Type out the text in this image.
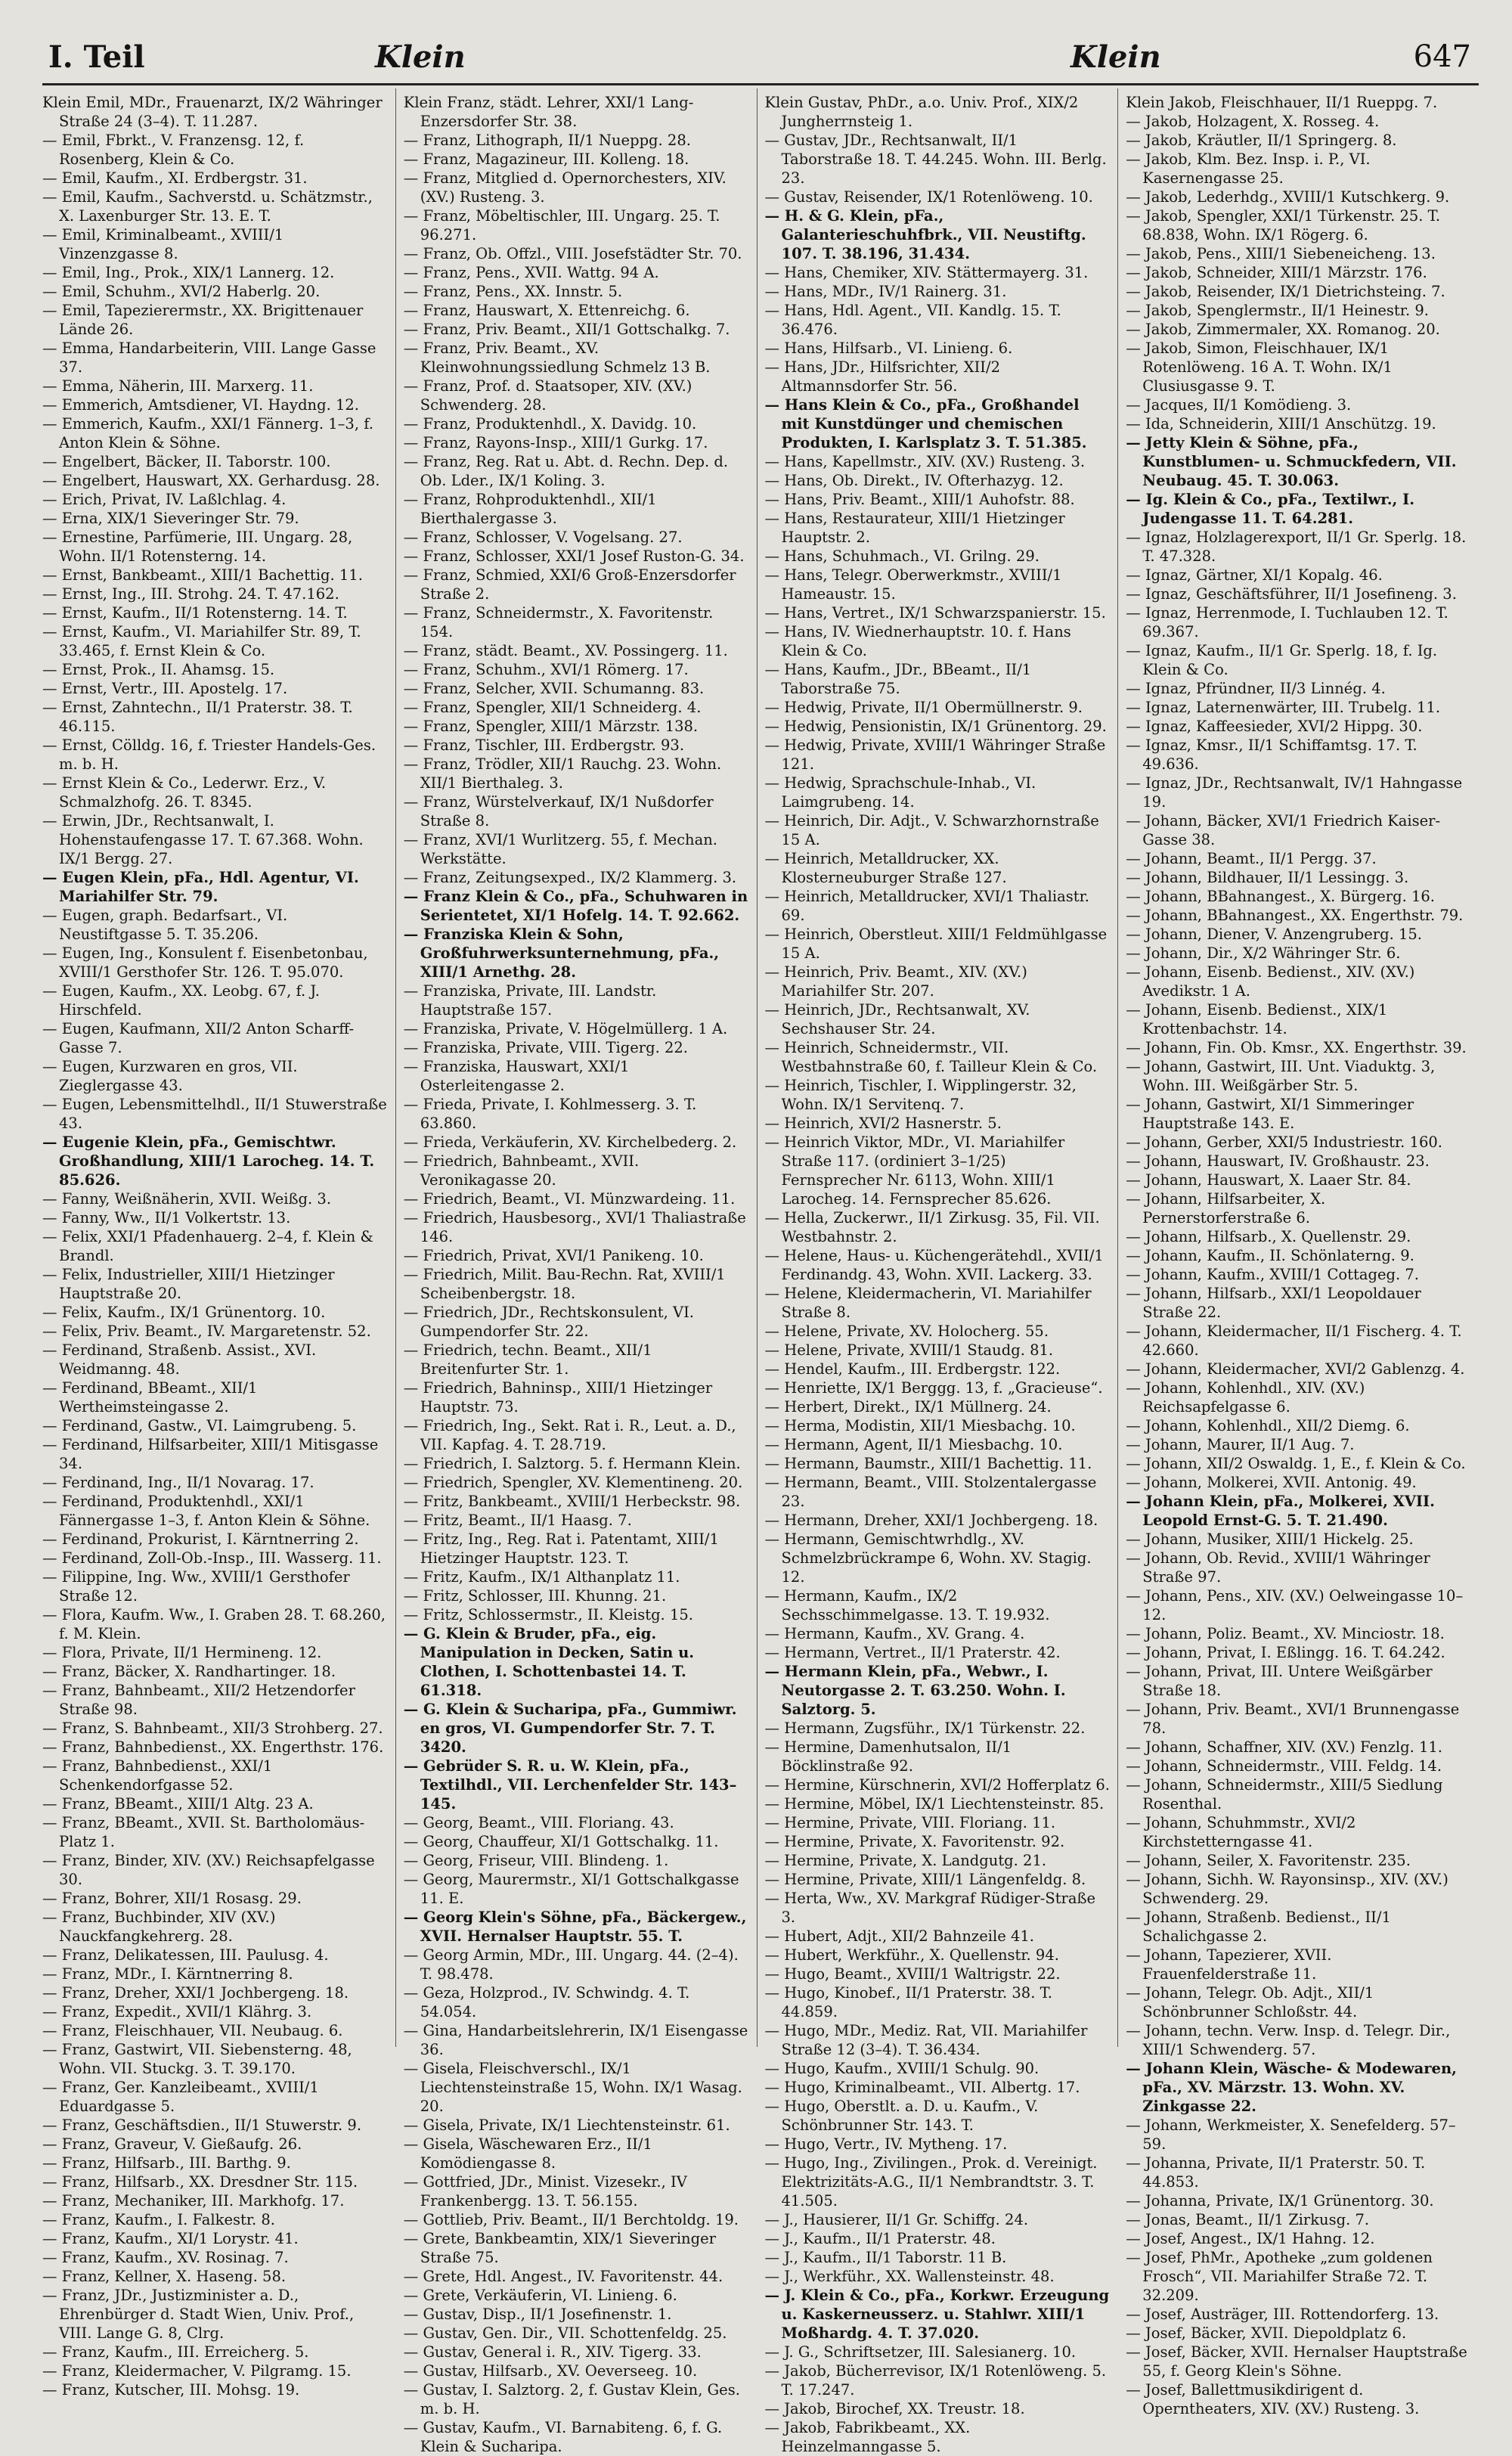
I. Teil	Klein	Klein	647
Klein Emil, MDr., Frauenarzt, IX/2 Währinger Straße 24 (3–4). T. 11.287.
— Emil, Fbrkt., V. Franzensg. 12, f. Rosenberg, Klein & Co.
— Emil, Kaufm., XI. Erdbergstr. 31.
— Emil, Kaufm., Sachverstd. u. Schätzmstr., X. Laxenburger Str. 13. E. T.
— Emil, Kriminalbeamt., XVIII/1 Vinzenzgasse 8.
— Emil, Ing., Prok., XIX/1 Lannerg. 12.
— Emil, Schuhm., XVI/2 Haberlg. 20.
— Emil, Tapezierermstr., XX. Brigittenauer Lände 26.
— Emma, Handarbeiterin, VIII. Lange Gasse 37.
— Emma, Näherin, III. Marxerg. 11.
— Emmerich, Amtsdiener, VI. Haydng. 12.
— Emmerich, Kaufm., XXI/1 Fännerg. 1–3, f. Anton Klein & Söhne.
— Engelbert, Bäcker, II. Taborstr. 100.
— Engelbert, Hauswart, XX. Gerhardusg. 28.
— Erich, Privat, IV. Laßlchlag. 4.
— Erna, XIX/1 Sieveringer Str. 79.
— Ernestine, Parfümerie, III. Ungarg. 28, Wohn. II/1 Rotensterng. 14.
— Ernst, Bankbeamt., XIII/1 Bachettig. 11.
— Ernst, Ing., III. Strohg. 24. T. 47.162.
— Ernst, Kaufm., II/1 Rotensterng. 14. T.
— Ernst, Kaufm., VI. Mariahilfer Str. 89, T. 33.465, f. Ernst Klein & Co.
— Ernst, Prok., II. Ahamsg. 15.
— Ernst, Vertr., III. Apostelg. 17.
— Ernst, Zahntechn., II/1 Praterstr. 38. T. 46.115.
— Ernst, Cölldg. 16, f. Triester Handels-Ges. m. b. H.
— Ernst Klein & Co., Lederwr. Erz., V. Schmalzhofg. 26. T. 8345.
— Erwin, JDr., Rechtsanwalt, I. Hohenstaufengasse 17. T. 67.368. Wohn. IX/1 Bergg. 27.
— Eugen Klein, pFa., Hdl. Agentur, VI. Mariahilfer Str. 79.
— Eugen, graph. Bedarfsart., VI. Neustiftgasse 5. T. 35.206.
— Eugen, Ing., Konsulent f. Eisenbetonbau, XVIII/1 Gersthofer Str. 126. T. 95.070.
— Eugen, Kaufm., XX. Leobg. 67, f. J. Hirschfeld.
— Eugen, Kaufmann, XII/2 Anton Scharff-Gasse 7.
— Eugen, Kurzwaren en gros, VII. Zieglergasse 43.
— Eugen, Lebensmittelhdl., II/1 Stuwerstraße 43.
— Eugenie Klein, pFa., Gemischtwr. Großhandlung, XIII/1 Larocheg. 14. T. 85.626.
— Fanny, Weißnäherin, XVII. Weißg. 3.
— Fanny, Ww., II/1 Volkertstr. 13.
— Felix, XXI/1 Pfadenhauerg. 2–4, f. Klein & Brandl.
— Felix, Industrieller, XIII/1 Hietzinger Hauptstraße 20.
— Felix, Kaufm., IX/1 Grünentorg. 10.
— Felix, Priv. Beamt., IV. Margaretenstr. 52.
— Ferdinand, Straßenb. Assist., XVI. Weidmanng. 48.
— Ferdinand, BBeamt., XII/1 Wertheimsteingasse 2.
— Ferdinand, Gastw., VI. Laimgrubeng. 5.
— Ferdinand, Hilfsarbeiter, XIII/1 Mitisgasse 34.
— Ferdinand, Ing., II/1 Novarag. 17.
— Ferdinand, Produktenhdl., XXI/1 Fännergasse 1–3, f. Anton Klein & Söhne.
— Ferdinand, Prokurist, I. Kärntnerring 2.
— Ferdinand, Zoll-Ob.-Insp., III. Wasserg. 11.
— Filippine, Ing. Ww., XVIII/1 Gersthofer Straße 12.
— Flora, Kaufm. Ww., I. Graben 28. T. 68.260, f. M. Klein.
— Flora, Private, II/1 Hermineng. 12.
— Franz, Bäcker, X. Randhartinger. 18.
— Franz, Bahnbeamt., XII/2 Hetzendorfer Straße 98.
— Franz, S. Bahnbeamt., XII/3 Strohberg. 27.
— Franz, Bahnbedienst., XX. Engerthstr. 176.
— Franz, Bahnbedienst., XXI/1 Schenkendorfgasse 52.
— Franz, BBeamt., XIII/1 Altg. 23 A.
— Franz, BBeamt., XVII. St. Bartholomäus-Platz 1.
— Franz, Binder, XIV. (XV.) Reichsapfelgasse 30.
— Franz, Bohrer, XII/1 Rosasg. 29.
— Franz, Buchbinder, XIV (XV.) Nauckfangkehrerg. 28.
— Franz, Delikatessen, III. Paulusg. 4.
— Franz, MDr., I. Kärntnerring 8.
— Franz, Dreher, XXI/1 Jochbergeng. 18.
— Franz, Expedit., XVII/1 Klährg. 3.
— Franz, Fleischhauer, VII. Neubaug. 6.
— Franz, Gastwirt, VII. Siebensterng. 48, Wohn. VII. Stuckg. 3. T. 39.170.
— Franz, Ger. Kanzleibeamt., XVIII/1 Eduardgasse 5.
— Franz, Geschäftsdien., II/1 Stuwerstr. 9.
— Franz, Graveur, V. Gießaufg. 26.
— Franz, Hilfsarb., III. Barthg. 9.
— Franz, Hilfsarb., XX. Dresdner Str. 115.
— Franz, Mechaniker, III. Markhofg. 17.
— Franz, Kaufm., I. Falkestr. 8.
— Franz, Kaufm., XI/1 Lorystr. 41.
— Franz, Kaufm., XV. Rosinag. 7.
— Franz, Kellner, X. Haseng. 58.
— Franz, JDr., Justizminister a. D., Ehrenbürger d. Stadt Wien, Univ. Prof., VIII. Lange G. 8, Clrg.
— Franz, Kaufm., III. Erreicherg. 5.
— Franz, Kleidermacher, V. Pilgramg. 15.
— Franz, Kutscher, III. Mohsg. 19.
Klein Franz, städt. Lehrer, XXI/1 Lang-Enzersdorfer Str. 38.
— Franz, Lithograph, II/1 Nueppg. 28.
— Franz, Magazineur, III. Kolleng. 18.
— Franz, Mitglied d. Opernorchesters, XIV. (XV.) Rusteng. 3.
— Franz, Möbeltischler, III. Ungarg. 25. T. 96.271.
— Franz, Ob. Offzl., VIII. Josefstädter Str. 70.
— Franz, Pens., XVII. Wattg. 94 A.
— Franz, Pens., XX. Innstr. 5.
— Franz, Hauswart, X. Ettenreichg. 6.
— Franz, Priv. Beamt., XII/1 Gottschalkg. 7.
— Franz, Priv. Beamt., XV. Kleinwohnungssiedlung Schmelz 13 B.
— Franz, Prof. d. Staatsoper, XIV. (XV.) Schwenderg. 28.
— Franz, Produktenhdl., X. Davidg. 10.
— Franz, Rayons-Insp., XIII/1 Gurkg. 17.
— Franz, Reg. Rat u. Abt. d. Rechn. Dep. d. Ob. Lder., IX/1 Koling. 3.
— Franz, Rohproduktenhdl., XII/1 Bierthalergasse 3.
— Franz, Schlosser, V. Vogelsang. 27.
— Franz, Schlosser, XXI/1 Josef Ruston-G. 34.
— Franz, Schmied, XXI/6 Groß-Enzersdorfer Straße 2.
— Franz, Schneidermstr., X. Favoritenstr. 154.
— Franz, städt. Beamt., XV. Possingerg. 11.
— Franz, Schuhm., XVI/1 Römerg. 17.
— Franz, Selcher, XVII. Schumanng. 83.
— Franz, Spengler, XII/1 Schneiderg. 4.
— Franz, Spengler, XIII/1 Märzstr. 138.
— Franz, Tischler, III. Erdbergstr. 93.
— Franz, Trödler, XII/1 Rauchg. 23. Wohn. XII/1 Bierthaleg. 3.
— Franz, Würstelverkauf, IX/1 Nußdorfer Straße 8.
— Franz, XVI/1 Wurlitzerg. 55, f. Mechan. Werkstätte.
— Franz, Zeitungsexped., IX/2 Klammerg. 3.
— Franz Klein & Co., pFa., Schuhwaren in Serientetet, XI/1 Hofelg. 14. T. 92.662.
— Franziska Klein & Sohn, Großfuhrwerksunternehmung, pFa., XIII/1 Arnethg. 28.
— Franziska, Private, III. Landstr. Hauptstraße 157.
— Franziska, Private, V. Högelmüllerg. 1 A.
— Franziska, Private, VIII. Tigerg. 22.
— Franziska, Hauswart, XXI/1 Osterleitengasse 2.
— Frieda, Private, I. Kohlmesserg. 3. T. 63.860.
— Frieda, Verkäuferin, XV. Kirchelbederg. 2.
— Friedrich, Bahnbeamt., XVII. Veronikagasse 20.
— Friedrich, Beamt., VI. Münzwardeing. 11.
— Friedrich, Hausbesorg., XVI/1 Thaliastraße 146.
— Friedrich, Privat, XVI/1 Panikeng. 10.
— Friedrich, Milit. Bau-Rechn. Rat, XVIII/1 Scheibenbergstr. 18.
— Friedrich, JDr., Rechtskonsulent, VI. Gumpendorfer Str. 22.
— Friedrich, techn. Beamt., XII/1 Breitenfurter Str. 1.
— Friedrich, Bahninsp., XIII/1 Hietzinger Hauptstr. 73.
— Friedrich, Ing., Sekt. Rat i. R., Leut. a. D., VII. Kapfag. 4. T. 28.719.
— Friedrich, I. Salztorg. 5. f. Hermann Klein.
— Friedrich, Spengler, XV. Klementineng. 20.
— Fritz, Bankbeamt., XVIII/1 Herbeckstr. 98.
— Fritz, Beamt., II/1 Haasg. 7.
— Fritz, Ing., Reg. Rat i. Patentamt, XIII/1 Hietzinger Hauptstr. 123. T.
— Fritz, Kaufm., IX/1 Althanplatz 11.
— Fritz, Schlosser, III. Khunng. 21.
— Fritz, Schlossermstr., II. Kleistg. 15.
— G. Klein & Bruder, pFa., eig. Manipulation in Decken, Satin u. Clothen, I. Schottenbastei 14. T. 61.318.
— G. Klein & Sucharipa, pFa., Gummiwr. en gros, VI. Gumpendorfer Str. 7. T. 3420.
— Gebrüder S. R. u. W. Klein, pFa., Textilhdl., VII. Lerchenfelder Str. 143–145.
— Georg, Beamt., VIII. Floriang. 43.
— Georg, Chauffeur, XI/1 Gottschalkg. 11.
— Georg, Friseur, VIII. Blindeng. 1.
— Georg, Maurermstr., XI/1 Gottschalkgasse 11. E.
— Georg Klein's Söhne, pFa., Bäckergew., XVII. Hernalser Hauptstr. 55. T.
— Georg Armin, MDr., III. Ungarg. 44. (2–4). T. 98.478.
— Geza, Holzprod., IV. Schwindg. 4. T. 54.054.
— Gina, Handarbeitslehrerin, IX/1 Eisengasse 36.
— Gisela, Fleischverschl., IX/1 Liechtensteinstraße 15, Wohn. IX/1 Wasag. 20.
— Gisela, Private, IX/1 Liechtensteinstr. 61.
— Gisela, Wäschewaren Erz., II/1 Komödiengasse 8.
— Gottfried, JDr., Minist. Vizesekr., IV Frankenbergg. 13. T. 56.155.
— Gottlieb, Priv. Beamt., II/1 Berchtoldg. 19.
— Grete, Bankbeamtin, XIX/1 Sieveringer Straße 75.
— Grete, Hdl. Angest., IV. Favoritenstr. 44.
— Grete, Verkäuferin, VI. Linieng. 6.
— Gustav, Disp., II/1 Josefinenstr. 1.
— Gustav, Gen. Dir., VII. Schottenfeldg. 25.
— Gustav, General i. R., XIV. Tigerg. 33.
— Gustav, Hilfsarb., XV. Oeverseeg. 10.
— Gustav, I. Salztorg. 2, f. Gustav Klein, Ges. m. b. H.
— Gustav, Kaufm., VI. Barnabiteng. 6, f. G. Klein & Sucharipa.
Klein Gustav, PhDr., a.o. Univ. Prof., XIX/2 Jungherrnsteig 1.
— Gustav, JDr., Rechtsanwalt, II/1 Taborstraße 18. T. 44.245. Wohn. III. Berlg. 23.
— Gustav, Reisender, IX/1 Rotenlöweng. 10.
— H. & G. Klein, pFa., Galanterieschuhfbrk., VII. Neustiftg. 107. T. 38.196, 31.434.
— Hans, Chemiker, XIV. Stättermayerg. 31.
— Hans, MDr., IV/1 Rainerg. 31.
— Hans, Hdl. Agent., VII. Kandlg. 15. T. 36.476.
— Hans, Hilfsarb., VI. Linieng. 6.
— Hans, JDr., Hilfsrichter, XII/2 Altmannsdorfer Str. 56.
— Hans Klein & Co., pFa., Großhandel mit Kunstdünger und chemischen Produkten, I. Karlsplatz 3. T. 51.385.
— Hans, Kapellmstr., XIV. (XV.) Rusteng. 3.
— Hans, Ob. Direkt., IV. Ofterhazyg. 12.
— Hans, Priv. Beamt., XIII/1 Auhofstr. 88.
— Hans, Restaurateur, XIII/1 Hietzinger Hauptstr. 2.
— Hans, Schuhmach., VI. Grilng. 29.
— Hans, Telegr. Oberwerkmstr., XVIII/1 Hameaustr. 15.
— Hans, Vertret., IX/1 Schwarzspanierstr. 15.
— Hans, IV. Wiednerhauptstr. 10. f. Hans Klein & Co.
— Hans, Kaufm., JDr., BBeamt., II/1 Taborstraße 75.
— Hedwig, Private, II/1 Obermüllnerstr. 9.
— Hedwig, Pensionistin, IX/1 Grünentorg. 29.
— Hedwig, Private, XVIII/1 Währinger Straße 121.
— Hedwig, Sprachschule-Inhab., VI. Laimgrubeng. 14.
— Heinrich, Dir. Adjt., V. Schwarzhornstraße 15 A.
— Heinrich, Metalldrucker, XX. Klosterneuburger Straße 127.
— Heinrich, Metalldrucker, XVI/1 Thaliastr. 69.
— Heinrich, Oberstleut. XIII/1 Feldmühlgasse 15 A.
— Heinrich, Priv. Beamt., XIV. (XV.) Mariahilfer Str. 207.
— Heinrich, JDr., Rechtsanwalt, XV. Sechshauser Str. 24.
— Heinrich, Schneidermstr., VII. Westbahnstraße 60, f. Tailleur Klein & Co.
— Heinrich, Tischler, I. Wipplingerstr. 32, Wohn. IX/1 Servitenq. 7.
— Heinrich, XVI/2 Hasnerstr. 5.
— Heinrich Viktor, MDr., VI. Mariahilfer Straße 117. (ordiniert 3–1/25) Fernsprecher Nr. 6113, Wohn. XIII/1 Larocheg. 14. Fernsprecher 85.626.
— Hella, Zuckerwr., II/1 Zirkusg. 35, Fil. VII. Westbahnstr. 2.
— Helene, Haus- u. Küchengerätehdl., XVII/1 Ferdinandg. 43, Wohn. XVII. Lackerg. 33.
— Helene, Kleidermacherin, VI. Mariahilfer Straße 8.
— Helene, Private, XV. Holocherg. 55.
— Helene, Private, XVIII/1 Staudg. 81.
— Hendel, Kaufm., III. Erdbergstr. 122.
— Henriette, IX/1 Berggg. 13, f. „Gracieuse“.
— Herbert, Direkt., IX/1 Müllnerg. 24.
— Herma, Modistin, XII/1 Miesbachg. 10.
— Hermann, Agent, II/1 Miesbachg. 10.
— Hermann, Baumstr., XIII/1 Bachettig. 11.
— Hermann, Beamt., VIII. Stolzentalergasse 23.
— Hermann, Dreher, XXI/1 Jochbergeng. 18.
— Hermann, Gemischtwrhdlg., XV. Schmelzbrückrampe 6, Wohn. XV. Stagig. 12.
— Hermann, Kaufm., IX/2 Sechsschimmelgasse. 13. T. 19.932.
— Hermann, Kaufm., XV. Grang. 4.
— Hermann, Vertret., II/1 Praterstr. 42.
— Hermann Klein, pFa., Webwr., I. Neutorgasse 2. T. 63.250. Wohn. I. Salztorg. 5.
— Hermann, Zugsführ., IX/1 Türkenstr. 22.
— Hermine, Damenhutsalon, II/1 Böcklinstraße 92.
— Hermine, Kürschnerin, XVI/2 Hofferplatz 6.
— Hermine, Möbel, IX/1 Liechtensteinstr. 85.
— Hermine, Private, VIII. Floriang. 11.
— Hermine, Private, X. Favoritenstr. 92.
— Hermine, Private, X. Landgutg. 21.
— Hermine, Private, XIII/1 Längenfeldg. 8.
— Herta, Ww., XV. Markgraf Rüdiger-Straße 3.
— Hubert, Adjt., XII/2 Bahnzeile 41.
— Hubert, Werkführ., X. Quellenstr. 94.
— Hugo, Beamt., XVIII/1 Waltrigstr. 22.
— Hugo, Kinobef., II/1 Praterstr. 38. T. 44.859.
— Hugo, MDr., Mediz. Rat, VII. Mariahilfer Straße 12 (3–4). T. 36.434.
— Hugo, Kaufm., XVIII/1 Schulg. 90.
— Hugo, Kriminalbeamt., VII. Albertg. 17.
— Hugo, Oberstlt. a. D. u. Kaufm., V. Schönbrunner Str. 143. T.
— Hugo, Vertr., IV. Mytheng. 17.
— Hugo, Ing., Zivilingen., Prok. d. Vereinigt. Elektrizitäts-A.G., II/1 Nembrandtstr. 3. T. 41.505.
— J., Hausierer, II/1 Gr. Schiffg. 24.
— J., Kaufm., II/1 Praterstr. 48.
— J., Kaufm., II/1 Taborstr. 11 B.
— J., Werkführ., XX. Wallensteinstr. 48.
— J. Klein & Co., pFa., Korkwr. Erzeugung u. Kaskerneusserz. u. Stahlwr. XIII/1 Moßhardg. 4. T. 37.020.
— J. G., Schriftsetzer, III. Salesianerg. 10.
— Jakob, Bücherrevisor, IX/1 Rotenlöweng. 5. T. 17.247.
— Jakob, Birochef, XX. Treustr. 18.
— Jakob, Fabrikbeamt., XX. Heinzelmanngasse 5.
Klein Jakob, Fleischhauer, II/1 Rueppg. 7.
— Jakob, Holzagent, X. Rosseg. 4.
— Jakob, Kräutler, II/1 Springerg. 8.
— Jakob, Klm. Bez. Insp. i. P., VI. Kasernengasse 25.
— Jakob, Lederhdg., XVIII/1 Kutschkerg. 9.
— Jakob, Spengler, XXI/1 Türkenstr. 25. T. 68.838, Wohn. IX/1 Rögerg. 6.
— Jakob, Pens., XIII/1 Siebeneicheng. 13.
— Jakob, Schneider, XIII/1 Märzstr. 176.
— Jakob, Reisender, IX/1 Dietrichsteing. 7.
— Jakob, Spenglermstr., II/1 Heinestr. 9.
— Jakob, Zimmermaler, XX. Romanog. 20.
— Jakob, Simon, Fleischhauer, IX/1 Rotenlöweng. 16 A. T. Wohn. IX/1 Clusiusgasse 9. T.
— Jacques, II/1 Komödieng. 3.
— Ida, Schneiderin, XIII/1 Anschützg. 19.
— Jetty Klein & Söhne, pFa., Kunstblumen- u. Schmuckfedern, VII. Neubaug. 45. T. 30.063.
— Ig. Klein & Co., pFa., Textilwr., I. Judengasse 11. T. 64.281.
— Ignaz, Holzlagerexport, II/1 Gr. Sperlg. 18. T. 47.328.
— Ignaz, Gärtner, XI/1 Kopalg. 46.
— Ignaz, Geschäftsführer, II/1 Josefineng. 3.
— Ignaz, Herrenmode, I. Tuchlauben 12. T. 69.367.
— Ignaz, Kaufm., II/1 Gr. Sperlg. 18, f. Ig. Klein & Co.
— Ignaz, Pfründner, II/3 Linnég. 4.
— Ignaz, Laternenwärter, III. Trubelg. 11.
— Ignaz, Kaffeesieder, XVI/2 Hippg. 30.
— Ignaz, Kmsr., II/1 Schiffamtsg. 17. T. 49.636.
— Ignaz, JDr., Rechtsanwalt, IV/1 Hahngasse 19.
— Johann, Bäcker, XVI/1 Friedrich Kaiser-Gasse 38.
— Johann, Beamt., II/1 Pergg. 37.
— Johann, Bildhauer, II/1 Lessingg. 3.
— Johann, BBahnangest., X. Bürgerg. 16.
— Johann, BBahnangest., XX. Engerthstr. 79.
— Johann, Diener, V. Anzengruberg. 15.
— Johann, Dir., X/2 Währinger Str. 6.
— Johann, Eisenb. Bedienst., XIV. (XV.) Avedikstr. 1 A.
— Johann, Eisenb. Bedienst., XIX/1 Krottenbachstr. 14.
— Johann, Fin. Ob. Kmsr., XX. Engerthstr. 39.
— Johann, Gastwirt, III. Unt. Viaduktg. 3, Wohn. III. Weißgärber Str. 5.
— Johann, Gastwirt, XI/1 Simmeringer Hauptstraße 143. E.
— Johann, Gerber, XXI/5 Industriestr. 160.
— Johann, Hauswart, IV. Großhaustr. 23.
— Johann, Hauswart, X. Laaer Str. 84.
— Johann, Hilfsarbeiter, X. Pernerstorferstraße 6.
— Johann, Hilfsarb., X. Quellenstr. 29.
— Johann, Kaufm., II. Schönlaterng. 9.
— Johann, Kaufm., XVIII/1 Cottageg. 7.
— Johann, Hilfsarb., XXI/1 Leopoldauer Straße 22.
— Johann, Kleidermacher, II/1 Fischerg. 4. T. 42.660.
— Johann, Kleidermacher, XVI/2 Gablenzg. 4.
— Johann, Kohlenhdl., XIV. (XV.) Reichsapfelgasse 6.
— Johann, Kohlenhdl., XII/2 Diemg. 6.
— Johann, Maurer, II/1 Aug. 7.
— Johann, XII/2 Oswaldg. 1, E., f. Klein & Co.
— Johann, Molkerei, XVII. Antonig. 49.
— Johann Klein, pFa., Molkerei, XVII. Leopold Ernst-G. 5. T. 21.490.
— Johann, Musiker, XIII/1 Hickelg. 25.
— Johann, Ob. Revid., XVIII/1 Währinger Straße 97.
— Johann, Pens., XIV. (XV.) Oelweingasse 10–12.
— Johann, Poliz. Beamt., XV. Minciostr. 18.
— Johann, Privat, I. Eßlingg. 16. T. 64.242.
— Johann, Privat, III. Untere Weißgärber Straße 18.
— Johann, Priv. Beamt., XVI/1 Brunnengasse 78.
— Johann, Schaffner, XIV. (XV.) Fenzlg. 11.
— Johann, Schneidermstr., VIII. Feldg. 14.
— Johann, Schneidermstr., XIII/5 Siedlung Rosenthal.
— Johann, Schuhmmstr., XVI/2 Kirchstetterngasse 41.
— Johann, Seiler, X. Favoritenstr. 235.
— Johann, Sichh. W. Rayonsinsp., XIV. (XV.) Schwenderg. 29.
— Johann, Straßenb. Bedienst., II/1 Schalichgasse 2.
— Johann, Tapezierer, XVII. Frauenfelderstraße 11.
— Johann, Telegr. Ob. Adjt., XII/1 Schönbrunner Schloßstr. 44.
— Johann, techn. Verw. Insp. d. Telegr. Dir., XIII/1 Schwenderg. 57.
— Johann Klein, Wäsche- & Modewaren, pFa., XV. Märzstr. 13. Wohn. XV. Zinkgasse 22.
— Johann, Werkmeister, X. Senefelderg. 57–59.
— Johanna, Private, II/1 Praterstr. 50. T. 44.853.
— Johanna, Private, IX/1 Grünentorg. 30.
— Jonas, Beamt., II/1 Zirkusg. 7.
— Josef, Angest., IX/1 Hahng. 12.
— Josef, PhMr., Apotheke „zum goldenen Frosch“, VII. Mariahilfer Straße 72. T. 32.209.
— Josef, Austräger, III. Rottendorferg. 13.
— Josef, Bäcker, XVII. Diepoldplatz 6.
— Josef, Bäcker, XVII. Hernalser Hauptstraße 55, f. Georg Klein's Söhne.
— Josef, Ballettmusikdirigent d. Operntheaters, XIV. (XV.) Rusteng. 3.
